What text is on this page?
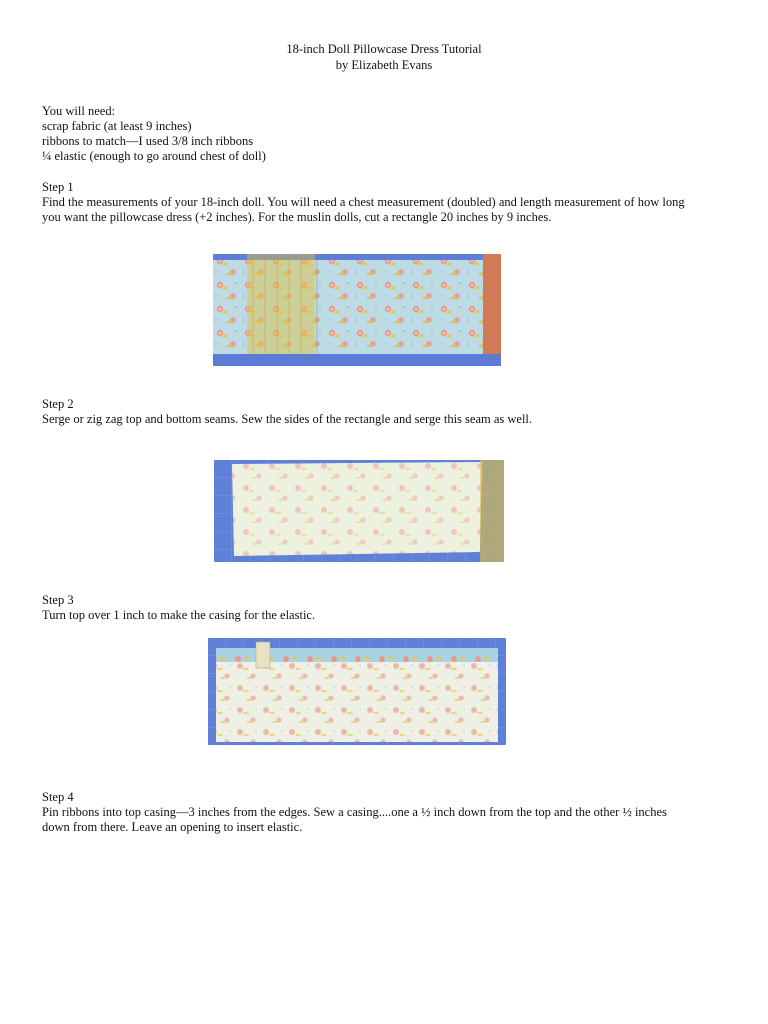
18-inch Doll Pillowcase Dress Tutorial
by Elizabeth Evans
You will need:
scrap fabric (at least 9 inches)
ribbons to match—I used 3/8 inch ribbons
¼ elastic (enough to go around chest of doll)
Step 1
Find the measurements of your 18-inch doll. You will need a chest measurement (doubled) and length measurement of how long
you want the pillowcase dress (+2 inches). For the muslin dolls, cut a rectangle 20 inches by 9 inches.
Step 2
Serge or zig zag top and bottom seams. Sew the sides of the rectangle and serge this seam as well.
Step 3
Turn top over 1 inch to make the casing for the elastic.
Step 4
Pin ribbons into top casing—3 inches from the edges. Sew a casing....one a ½ inch down from the top and the other ½ inches
down from there. Leave an opening to insert elastic.
